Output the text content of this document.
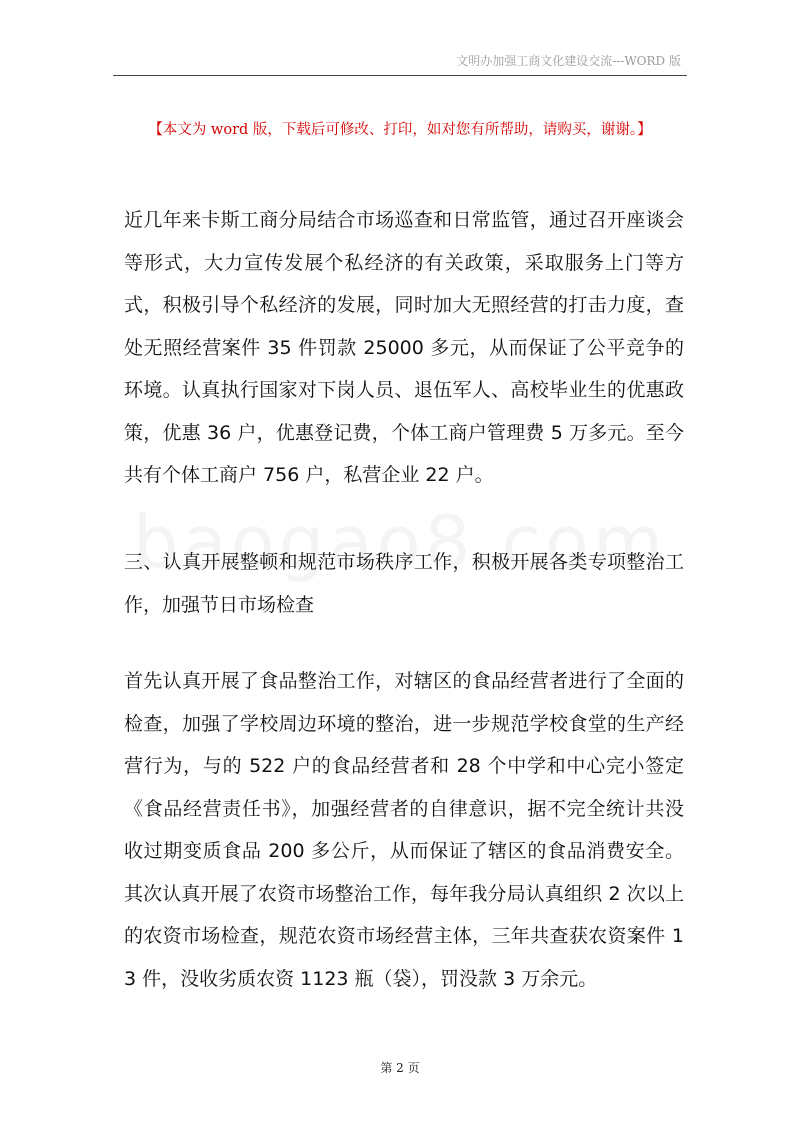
文明办加强工商文化建设交流---WORD 版
【本文为 word 版，下载后可修改、打印，如对您有所帮助，请购买，谢谢。】

近几年来卡斯工商分局结合市场巡查和日常监管，通过召开座谈会等形式，大力宣传发展个私经济的有关政策，采取服务上门等方式，积极引导个私经济的发展，同时加大无照经营的打击力度，查处无照经营案件 35 件罚款 25000 多元，从而保证了公平竞争的环境。认真执行国家对下岗人员、退伍军人、高校毕业生的优惠政策，优惠 36 户，优惠登记费，个体工商户管理费 5 万多元。至今共有个体工商户 756 户，私营企业 22 户。

三、认真开展整顿和规范市场秩序工作，积极开展各类专项整治工作，加强节日市场检查

首先认真开展了食品整治工作，对辖区的食品经营者进行了全面的检查，加强了学校周边环境的整治，进一步规范学校食堂的生产经营行为，与的 522 户的食品经营者和 28 个中学和中心完小签定《食品经营责任书》，加强经营者的自律意识，据不完全统计共没收过期变质食品 200 多公斤，从而保证了辖区的食品消费安全。其次认真开展了农资市场整治工作，每年我分局认真组织 2 次以上的农资市场检查，规范农资市场经营主体，三年共查获农资案件 13 件，没收劣质农资 1123 瓶（袋），罚没款 3 万余元。

第 2 页
